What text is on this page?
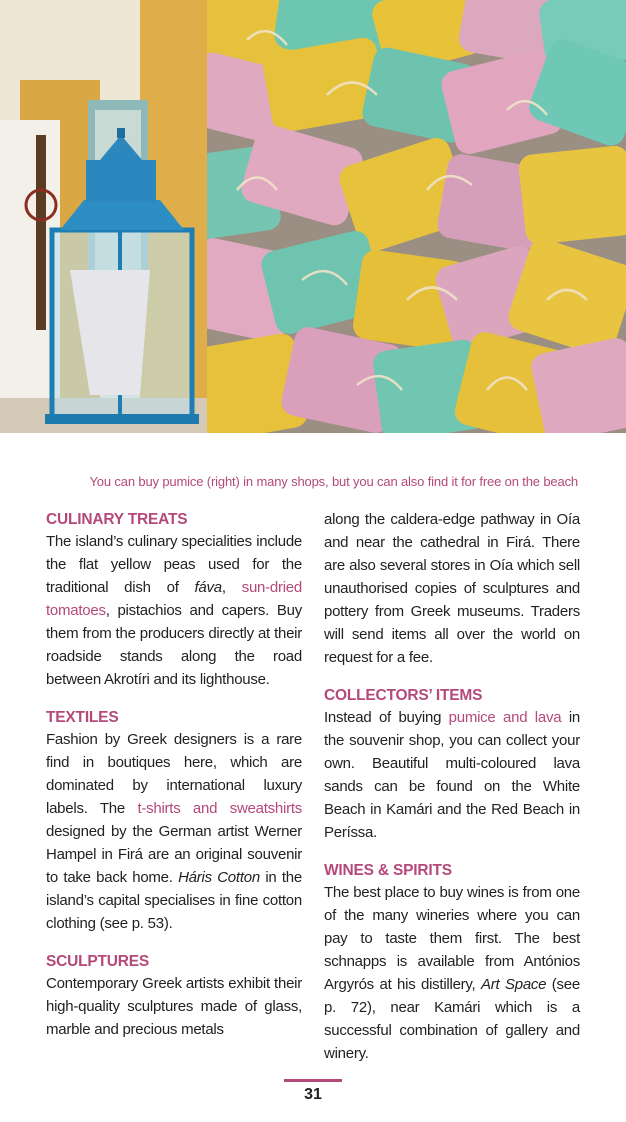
You can buy pumice (right) in many shops, but you can also find it for free on the beach
CULINARY TREATS

The island’s culinary specialities include the flat yellow peas used for the traditional dish of fáva, sun-dried tomatoes, pistachios and capers. Buy them from the producers directly at their roadside stands along the road between Akrotíri and its lighthouse.

TEXTILES

Fashion by Greek designers is a rare find in boutiques here, which are dominated by international luxury labels. The t-shirts and sweatshirts designed by the German artist Werner Hampel in Firá are an original souvenir to take back home. Háris Cotton in the island’s capital specialises in fine cotton clothing (see p. 53).

SCULPTURES

Contemporary Greek artists exhibit their high-quality sculptures made of glass, marble and precious metals

along the caldera-edge pathway in Oía and near the cathedral in Firá. There are also several stores in Oía which sell unauthorised copies of sculptures and pottery from Greek museums. Traders will send items all over the world on request for a fee.

COLLECTORS’ ITEMS

Instead of buying pumice and lava in the souvenir shop, you can collect your own. Beautiful multi-coloured lava sands can be found on the White Beach in Kamári and the Red Beach in Períssa.

WINES & SPIRITS

The best place to buy wines is from one of the many wineries where you can pay to taste them first. The best schnapps is available from Antónios Argyrós at his distillery, Art Space (see p. 72), near Kamári which is a successful combination of gallery and winery.

31
